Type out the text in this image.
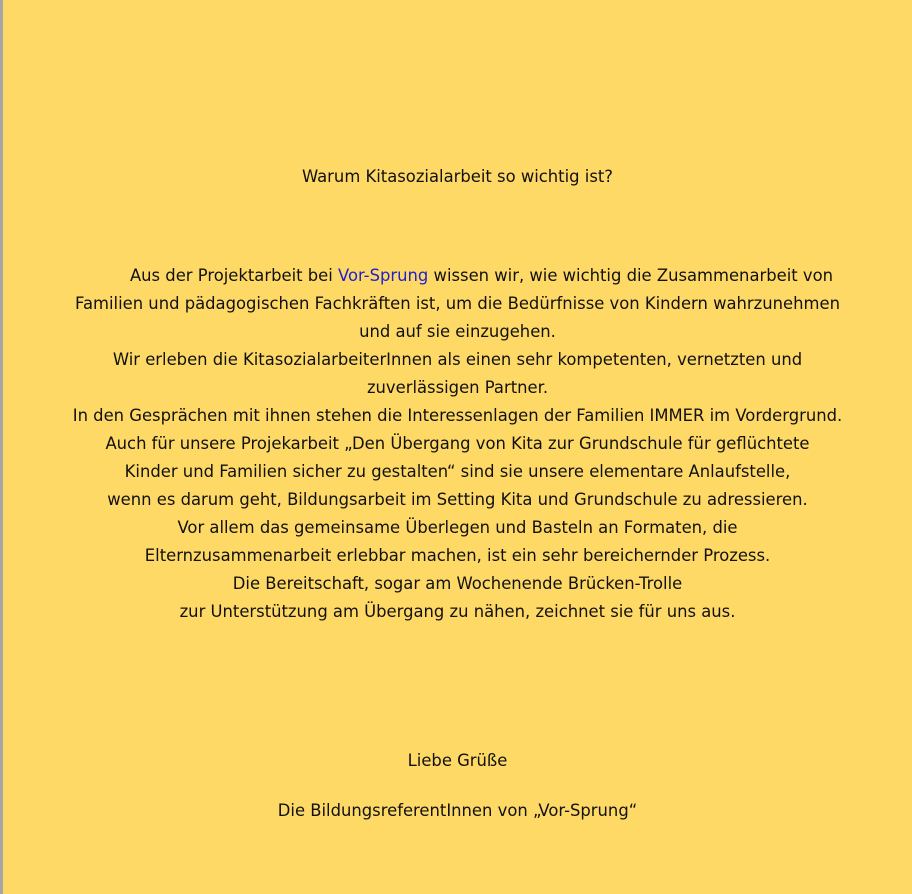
Warum Kitasozialarbeit so wichtig ist?
Aus der Projektarbeit bei Vor-Sprung wissen wir, wie wichtig die Zusammenarbeit von
Familien und pädagogischen Fachkräften ist, um die Bedürfnisse von Kindern wahrzunehmen
und auf sie einzugehen.
Wir erleben die KitasozialarbeiterInnen als einen sehr kompetenten, vernetzten und
zuverlässigen Partner.
In den Gesprächen mit ihnen stehen die Interessenlagen der Familien IMMER im Vordergrund.
Auch für unsere Projekarbeit „Den Übergang von Kita zur Grundschule für geflüchtete
Kinder und Familien sicher zu gestalten“ sind sie unsere elementare Anlaufstelle,
wenn es darum geht, Bildungsarbeit im Setting Kita und Grundschule zu adressieren.
Vor allem das gemeinsame Überlegen und Basteln an Formaten, die
Elternzusammenarbeit erlebbar machen, ist ein sehr bereichernder Prozess.
Die Bereitschaft, sogar am Wochenende Brücken-Trolle
zur Unterstützung am Übergang zu nähen, zeichnet sie für uns aus.
Liebe Grüße
Die BildungsreferentInnen von „Vor-Sprung“
